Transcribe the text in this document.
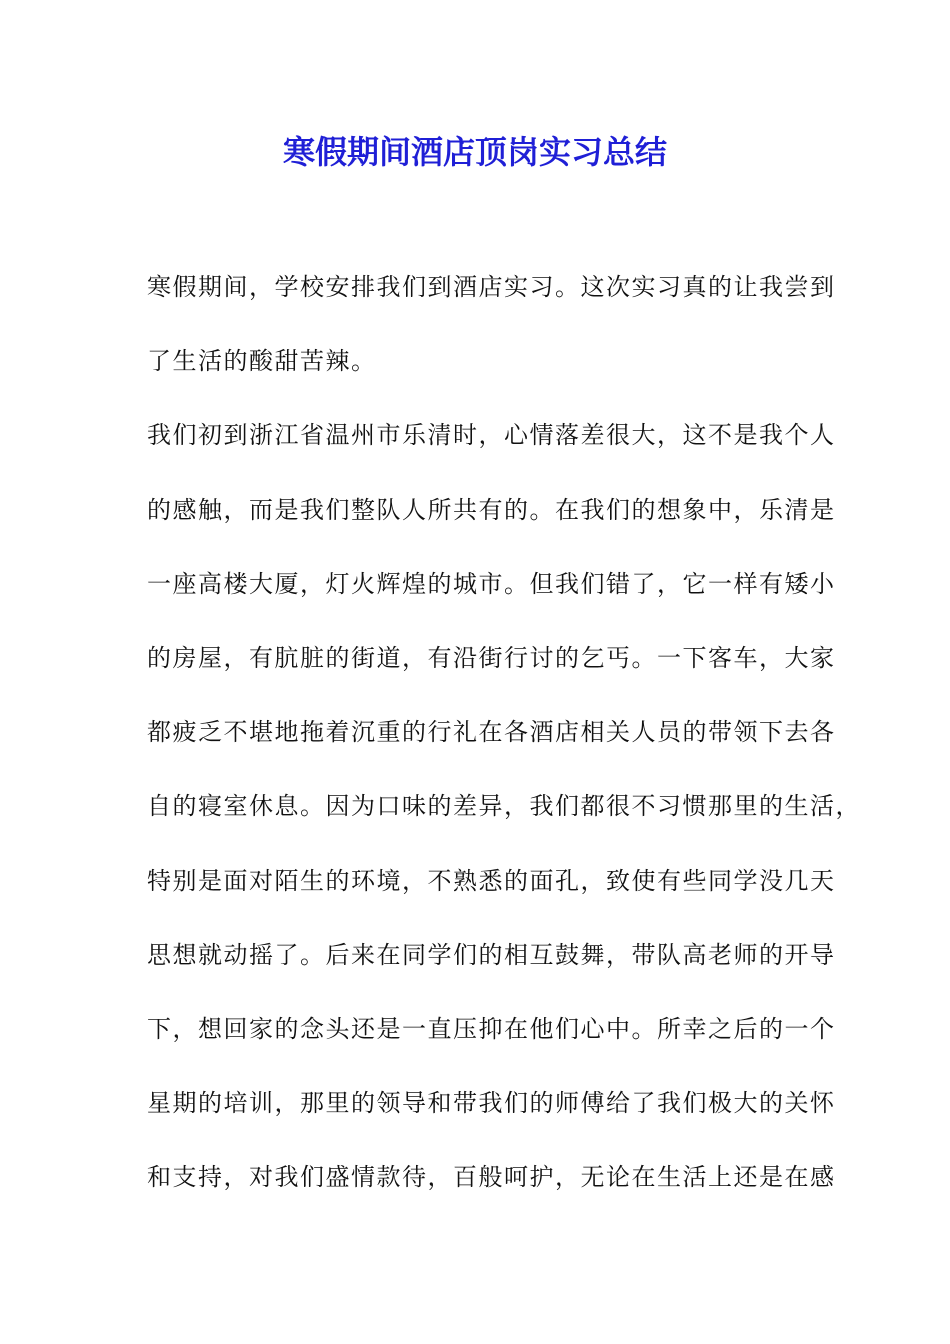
寒假期间酒店顶岗实习总结
寒假期间，学校安排我们到酒店实习。这次实习真的让我尝到
了生活的酸甜苦辣。
我们初到浙江省温州市乐清时，心情落差很大，这不是我个人
的感触，而是我们整队人所共有的。在我们的想象中，乐清是
一座高楼大厦，灯火辉煌的城市。但我们错了，它一样有矮小
的房屋，有肮脏的街道，有沿街行讨的乞丐。一下客车，大家
都疲乏不堪地拖着沉重的行礼在各酒店相关人员的带领下去各
自的寝室休息。因为口味的差异，我们都很不习惯那里的生活，
特别是面对陌生的环境，不熟悉的面孔，致使有些同学没几天
思想就动摇了。后来在同学们的相互鼓舞，带队高老师的开导
下，想回家的念头还是一直压抑在他们心中。所幸之后的一个
星期的培训，那里的领导和带我们的师傅给了我们极大的关怀
和支持，对我们盛情款待，百般呵护，无论在生活上还是在感
